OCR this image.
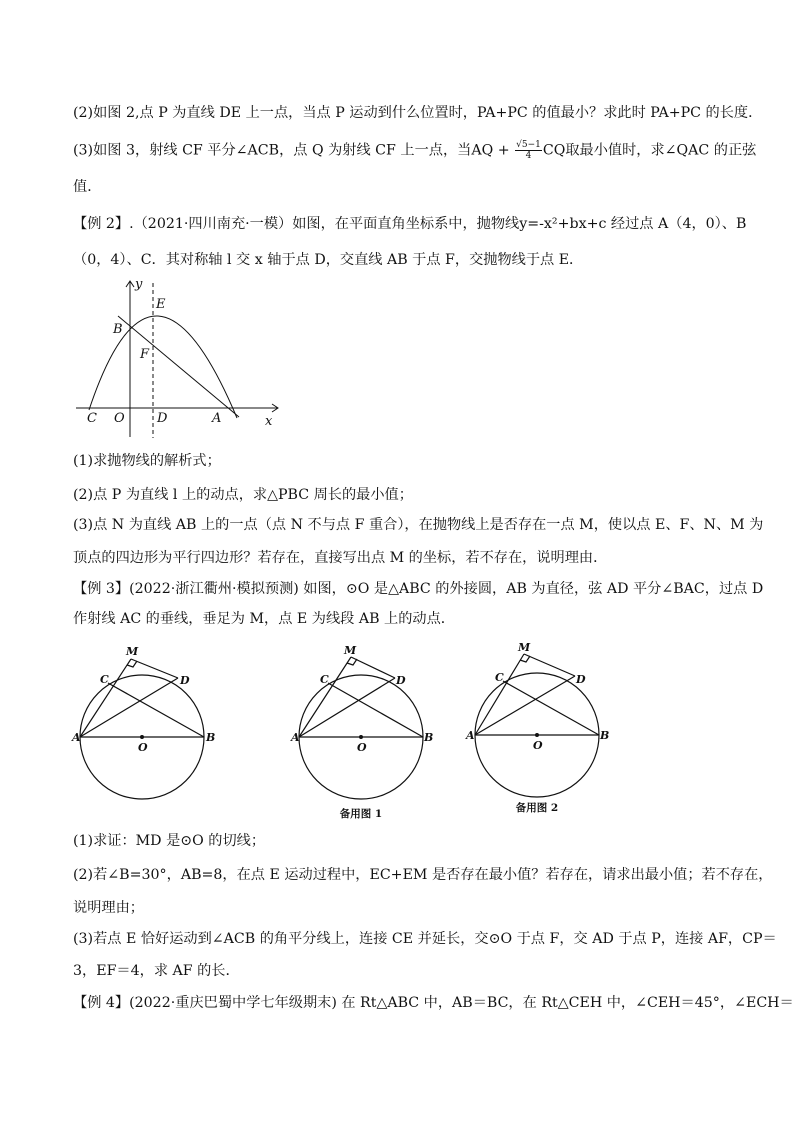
(2)如图 2,点 P 为直线 DE 上一点，当点 P 运动到什么位置时，PA+PC 的值最小？求此时 PA+PC 的长度．
(3)如图 3，射线 CF 平分∠ACB，点 Q 为射线 CF 上一点，当AQ + $\frac{√5-1}{4}$ CQ取最小值时，求∠QAC 的正弦
值．
【例 2】.（2021·四川南充·一模）如图，在平面直角坐标系中，抛物线y=-x²+bx+c 经过点 A（4，0）、B
（0，4）、C．其对称轴 l 交 x 轴于点 D，交直线 AB 于点 F，交抛物线于点 E．
y
E
B
F
C O D	A	x
(1)求抛物线的解析式；
(2)点 P 为直线 l 上的动点，求△PBC 周长的最小值；
(3)点 N 为直线 AB 上的一点（点 N 不与点 F 重合），在抛物线上是否存在一点 M，使以点 E、F、N、M 为
顶点的四边形为平行四边形？若存在，直接写出点 M 的坐标，若不存在，说明理由．
【例 3】(2022·浙江衢州·模拟预测) 如图，⊙O 是△ABC 的外接圆，AB 为直径，弦 AD 平分∠BAC，过点 D
作射线 AC 的垂线，垂足为 M，点 E 为线段 AB 上的动点．
M
C	D
A
O
B
M
C	D
A
O
B
备用图 1
M
C	D
A
O
B
备用图 2
(1)求证：MD 是⊙O 的切线；
(2)若∠B=30°，AB=8，在点 E 运动过程中，EC+EM 是否存在最小值？若存在，请求出最小值；若不存在，
说明理由；
(3)若点 E 恰好运动到∠ACB 的角平分线上，连接 CE 并延长，交⊙O 于点 F，交 AD 于点 P，连接 AF，CP＝
3，EF＝4，求 AF 的长．
【例 4】(2022·重庆巴蜀中学七年级期末) 在 Rt△ABC 中，AB＝BC，在 Rt△CEH 中，∠CEH＝45°，∠ECH＝
